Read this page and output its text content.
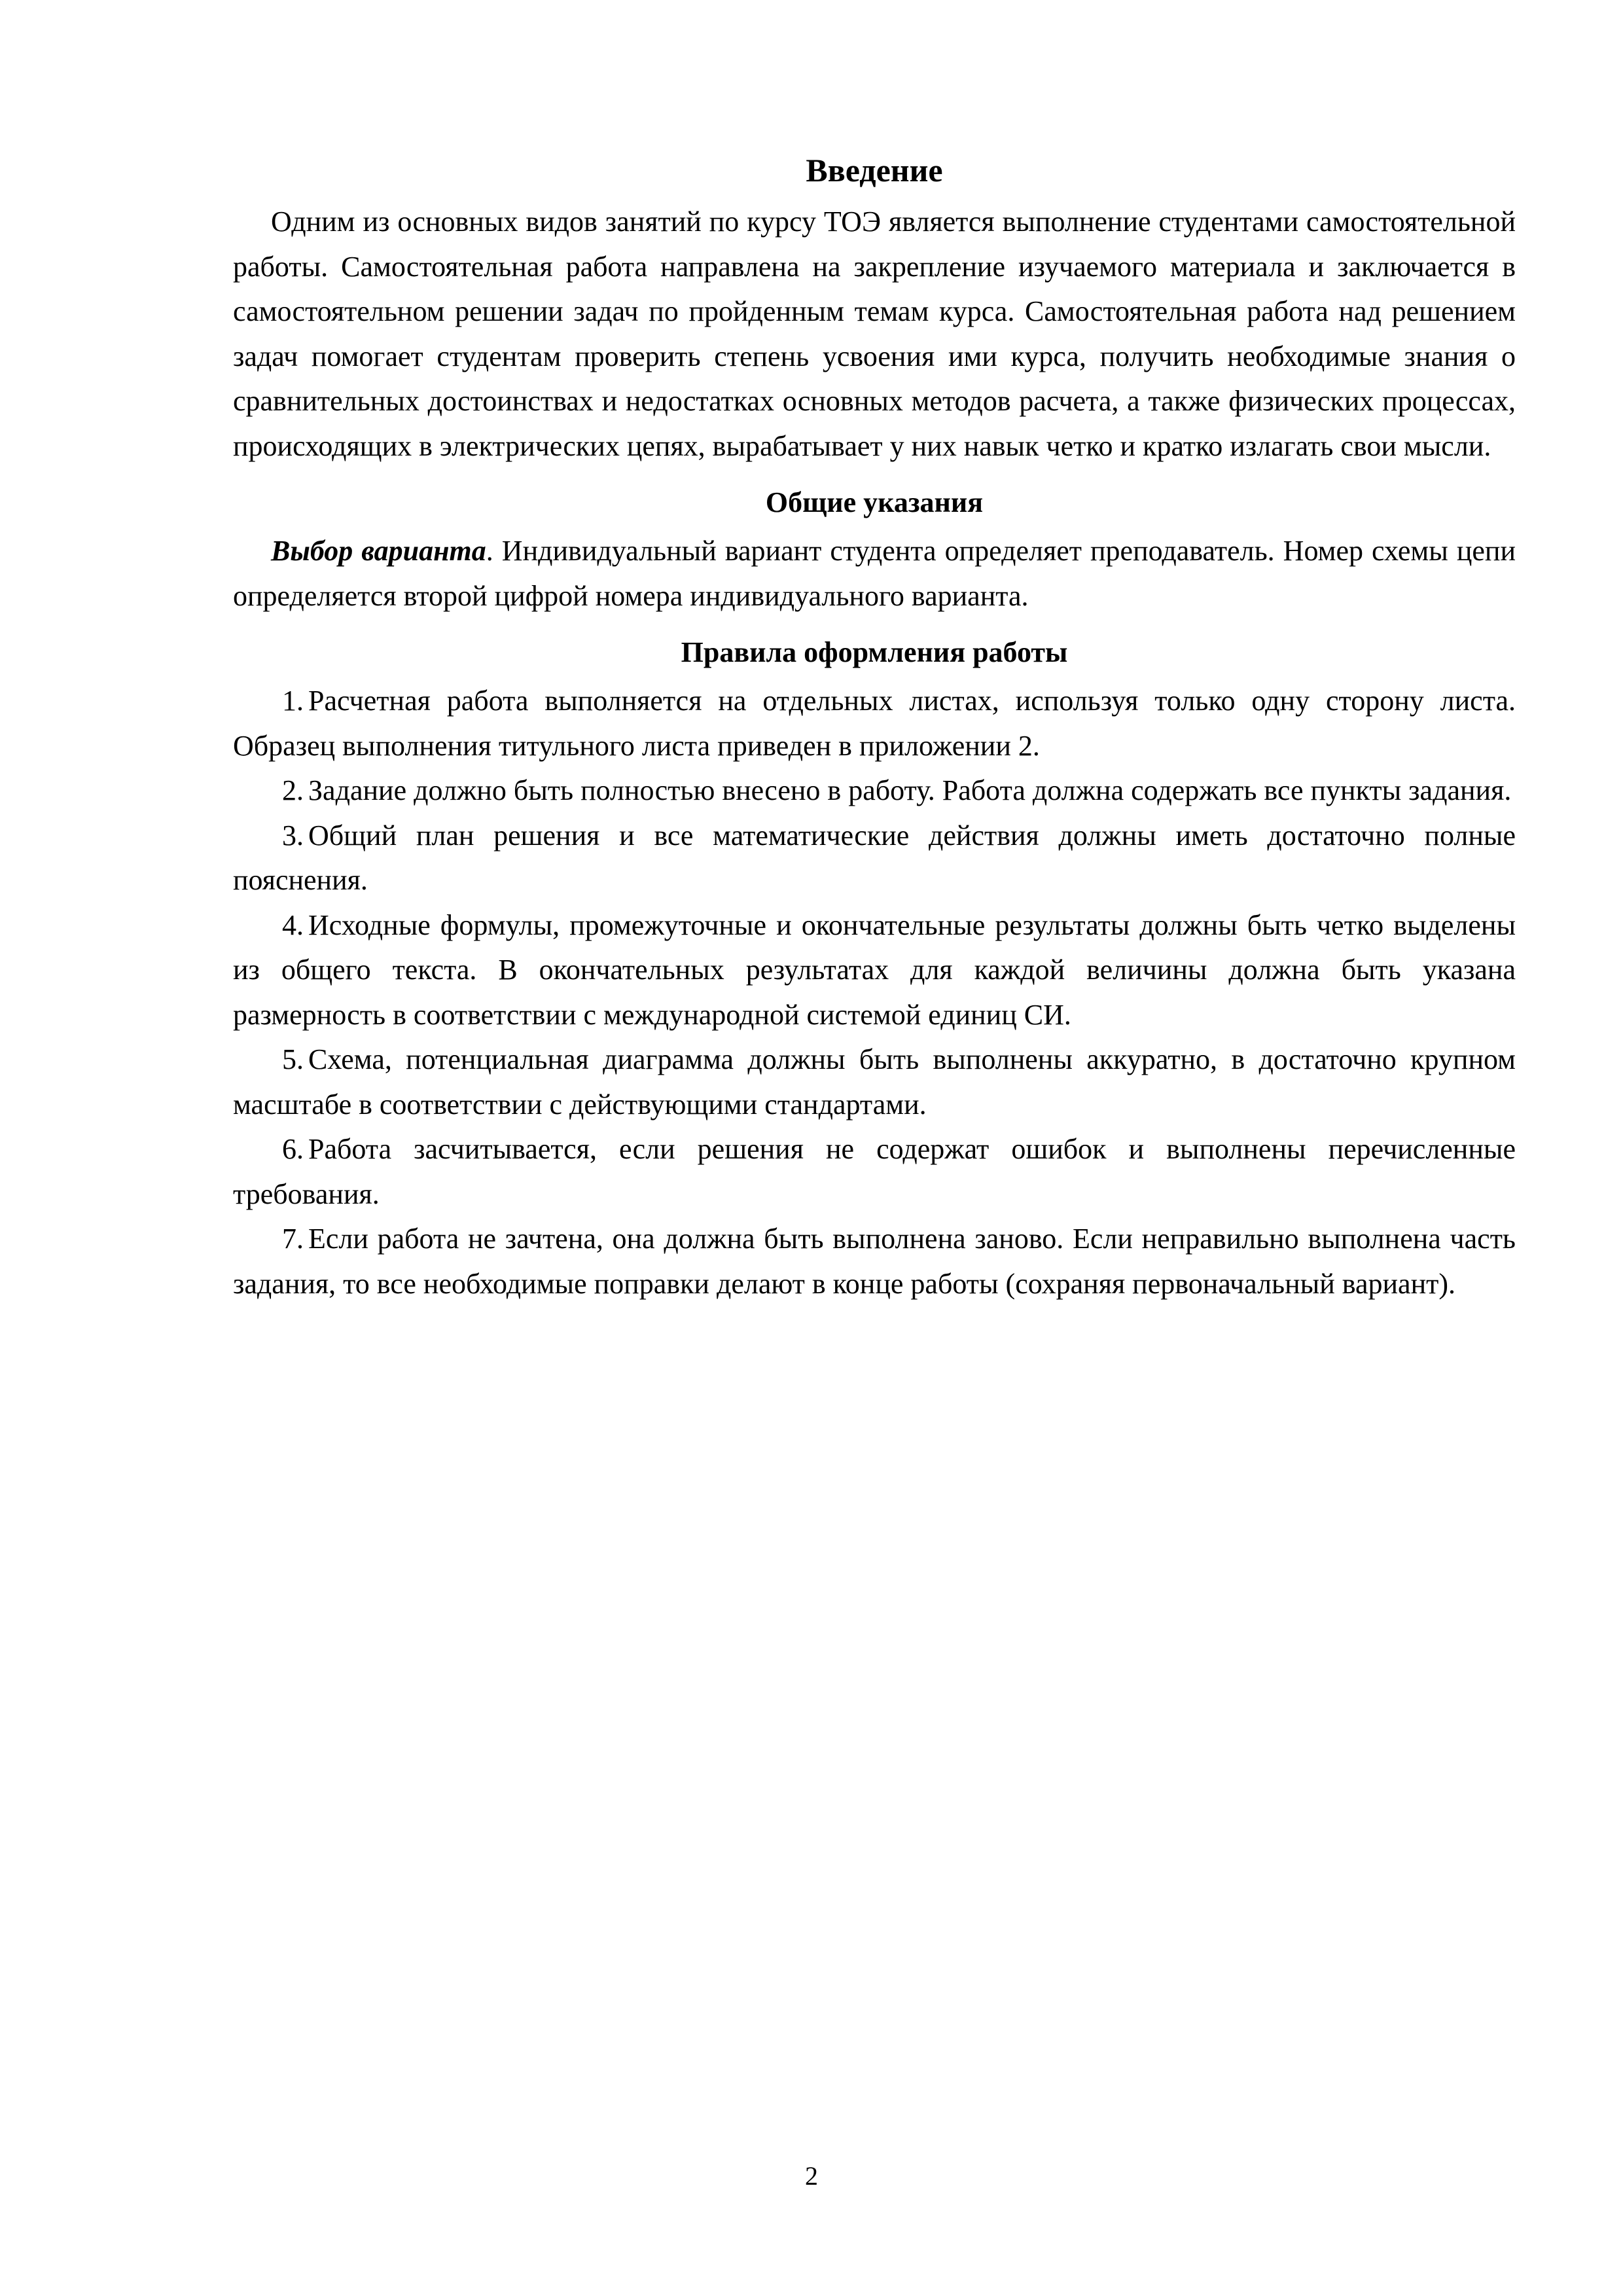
Введение

Одним из основных видов занятий по курсу ТОЭ является выполнение студентами самостоятельной работы. Самостоятельная работа направлена на закрепление изучаемого материала и заключается в самостоятельном решении задач по пройденным темам курса. Самостоятельная работа над решением задач помогает студентам проверить степень усвоения ими курса, получить необходимые знания о сравнительных достоинствах и недостатках основных методов расчета, а также физических процессах, происходящих в электрических цепях, вырабатывает у них навык четко и кратко излагать свои мысли.

Общие указания

Выбор варианта. Индивидуальный вариант студента определяет преподаватель. Номер схемы цепи определяется второй цифрой номера индивидуального варианта.

Правила оформления работы
1. Расчетная работа выполняется на отдельных листах, используя только одну сторону листа. Образец выполнения титульного листа приведен в приложении 2.
2. Задание должно быть полностью внесено в работу. Работа должна содержать все пункты задания.
3. Общий план решения и все математические действия должны иметь достаточно полные пояснения.
4. Исходные формулы, промежуточные и окончательные результаты должны быть четко выделены из общего текста. В окончательных результатах для каждой величины должна быть указана размерность в соответствии с международной системой единиц СИ.
5. Схема, потенциальная диаграмма должны быть выполнены аккуратно, в достаточно крупном масштабе в соответствии с действующими стандартами.
6. Работа засчитывается, если решения не содержат ошибок и выполнены перечисленные требования.
7. Если работа не зачтена, она должна быть выполнена заново. Если неправильно выполнена часть задания, то все необходимые поправки делают в конце работы (сохраняя первоначальный вариант).
2
